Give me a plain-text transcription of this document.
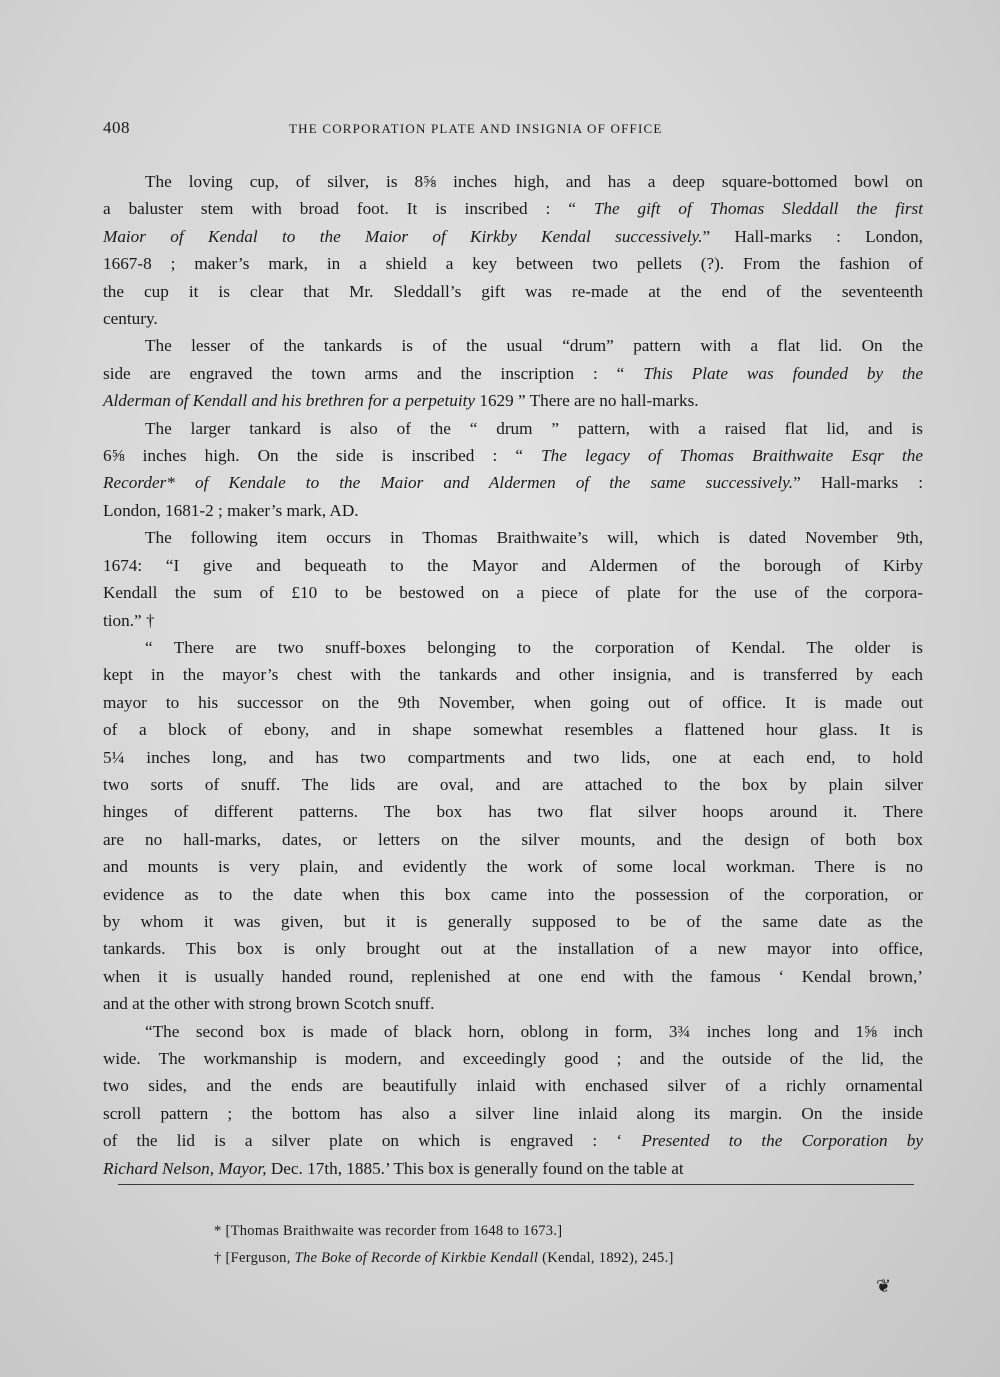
408	THE CORPORATION PLATE AND INSIGNIA OF OFFICE

The loving cup, of silver, is 8⅝ inches high, and has a deep square-bottomed bowl on
a baluster stem with broad foot. It is inscribed : “ The gift of Thomas Sleddall the first
Maior of Kendal to the Maior of Kirkby Kendal successively.” Hall-marks : London,
1667-8 ; maker’s mark, in a shield a key between two pellets (?). From the fashion of
the cup it is clear that Mr. Sleddall’s gift was re-made at the end of the seventeenth
century.

The lesser of the tankards is of the usual “drum” pattern with a flat lid. On the
side are engraved the town arms and the inscription : “ This Plate was founded by the
Alderman of Kendall and his brethren for a perpetuity 1629 ” There are no hall-marks.

The larger tankard is also of the “ drum ” pattern, with a raised flat lid, and is
6⅝ inches high. On the side is inscribed : “ The legacy of Thomas Braithwaite Esqr the
Recorder* of Kendale to the Maior and Aldermen of the same successively.” Hall-marks :
London, 1681-2 ; maker’s mark, AD.

The following item occurs in Thomas Braithwaite’s will, which is dated November 9th,
1674: “I give and bequeath to the Mayor and Aldermen of the borough of Kirby
Kendall the sum of £10 to be bestowed on a piece of plate for the use of the corpora-
tion.” †

“ There are two snuff-boxes belonging to the corporation of Kendal. The older is
kept in the mayor’s chest with the tankards and other insignia, and is transferred by each
mayor to his successor on the 9th November, when going out of office. It is made out
of a block of ebony, and in shape somewhat resembles a flattened hour glass. It is
5¼ inches long, and has two compartments and two lids, one at each end, to hold
two sorts of snuff. The lids are oval, and are attached to the box by plain silver
hinges of different patterns. The box has two flat silver hoops around it. There
are no hall-marks, dates, or letters on the silver mounts, and the design of both box
and mounts is very plain, and evidently the work of some local workman. There is no
evidence as to the date when this box came into the possession of the corporation, or
by whom it was given, but it is generally supposed to be of the same date as the
tankards. This box is only brought out at the installation of a new mayor into office,
when it is usually handed round, replenished at one end with the famous ‘ Kendal brown,’
and at the other with strong brown Scotch snuff.

“The second box is made of black horn, oblong in form, 3¾ inches long and 1⅝ inch
wide. The workmanship is modern, and exceedingly good ; and the outside of the lid, the
two sides, and the ends are beautifully inlaid with enchased silver of a richly ornamental
scroll pattern ; the bottom has also a silver line inlaid along its margin. On the inside
of the lid is a silver plate on which is engraved : ‘ Presented to the Corporation by
Richard Nelson, Mayor, Dec. 17th, 1885.’ This box is generally found on the table at

* [Thomas Braithwaite was recorder from 1648 to 1673.]
† [Ferguson, The Boke of Recorde of Kirkbie Kendall (Kendal, 1892), 245.]
❦
